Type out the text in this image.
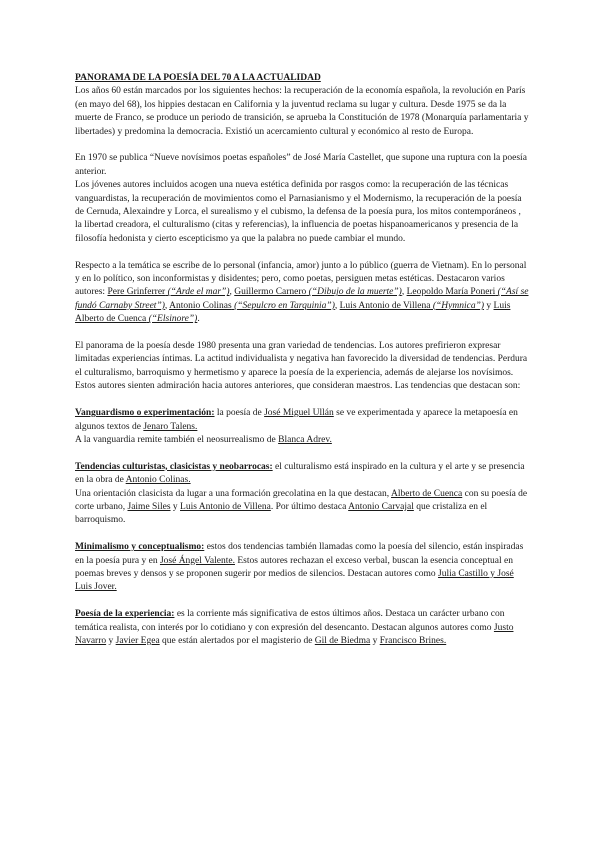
PANORAMA DE LA POESÍA DEL 70 A LA ACTUALIDAD

Los años 60 están marcados por los siguientes hechos: la recuperación de la economía española, la revolución en París (en mayo del 68), los hippies destacan en California y la juventud reclama su lugar y cultura. Desde 1975 se da la muerte de Franco, se produce un periodo de transición, se aprueba la Constitución de 1978 (Monarquía parlamentaria y libertades) y predomina la democracia. Existió un acercamiento cultural y económico al resto de Europa.

En 1970 se publica “Nueve novísimos poetas españoles” de José María Castellet, que supone una ruptura con la poesía anterior.

Los jóvenes autores incluidos acogen una nueva estética definida por rasgos como: la recuperación de las técnicas vanguardistas, la recuperación de movimientos como el Parnasianismo y el Modernismo, la recuperación de la poesía de Cernuda, Alexaindre y Lorca, el surealismo y el cubismo, la defensa de la poesía pura, los mitos contemporáneos , la libertad creadora, el culturalismo (citas y referencias), la influencia de poetas hispanoamericanos y presencia de la filosofía hedonista y cierto escepticismo ya que la palabra no puede cambiar el mundo.

Respecto a la temática se escribe de lo personal (infancia, amor) junto a lo público (guerra de Vietnam). En lo personal y en lo político, son inconformistas y disidentes; pero, como poetas, persiguen metas estéticas. Destacaron varios autores: Pere Grinferrer (“Arde el mar”), Guillermo Carnero (“Dibujo de la muerte”), Leopoldo María Poneri (“Así se fundó Carnaby Street”), Antonio Colinas (“Sepulcro en Tarquinia”), Luis Antonio de Villena (“Hymnica”) y Luis Alberto de Cuenca (“Elsinore”).

El panorama de la poesía desde 1980 presenta una gran variedad de tendencias. Los autores prefirieron expresar limitadas experiencias íntimas. La actitud individualista y negativa han favorecido la diversidad de tendencias. Perdura el culturalismo, barroquismo y hermetismo y aparece la poesía de la experiencia, además de alejarse los novísimos. Estos autores sienten admiración hacia autores anteriores, que consideran maestros. Las tendencias que destacan son:

Vanguardismo o experimentación: la poesía de José Miguel Ullán se ve experimentada y aparece la metapoesía en algunos textos de Jenaro Talens.

A la vanguardia remite también el neosurrealismo de Blanca Adrev.

Tendencias culturistas, clasicistas y neobarrocas: el culturalismo está inspirado en la cultura y el arte y se presencia en la obra de Antonio Colinas.

Una orientación clasicista da lugar a una formación grecolatina en la que destacan, Alberto de Cuenca con su poesía de corte urbano, Jaime Siles y Luis Antonio de Villena. Por último destaca Antonio Carvajal que cristaliza en el barroquismo.

Minimalismo y conceptualismo: estos dos tendencias también llamadas como la poesía del silencio, están inspiradas en la poesía pura y en José Ángel Valente. Estos autores rechazan el exceso verbal, buscan la esencia conceptual en poemas breves y densos y se proponen sugerir por medios de silencios. Destacan autores como Julia Castillo y José Luis Jover.

Poesía de la experiencia: es la corriente más significativa de estos últimos años. Destaca un carácter urbano con temática realista, con interés por lo cotidiano y con expresión del desencanto. Destacan algunos autores como Justo Navarro y Javier Egea que están alertados por el magisterio de Gil de Biedma y Francisco Brines.
